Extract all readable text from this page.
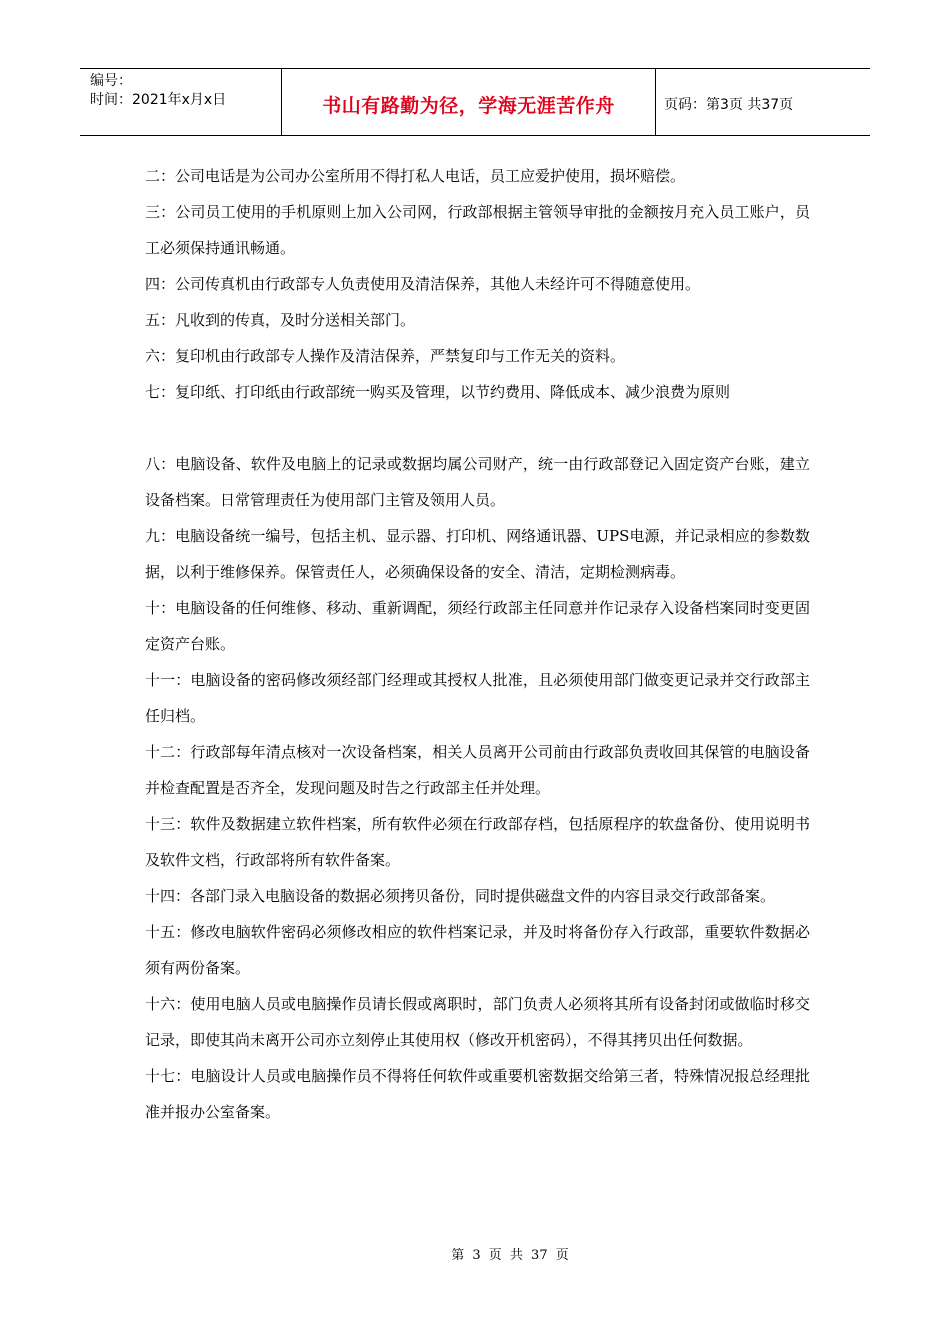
编号：
时间：2021年x月x日	书山有路勤为径，学海无涯苦作舟	页码：第3页 共37页

二：公司电话是为公司办公室所用不得打私人电话，员工应爱护使用，损坏赔偿。

三：公司员工使用的手机原则上加入公司网，行政部根据主管领导审批的金额按月充入员工账户，员工必须保持通讯畅通。

四：公司传真机由行政部专人负责使用及清洁保养，其他人未经许可不得随意使用。

五：凡收到的传真，及时分送相关部门。

六：复印机由行政部专人操作及清洁保养，严禁复印与工作无关的资料。

七：复印纸、打印纸由行政部统一购买及管理，以节约费用、降低成本、减少浪费为原则

八：电脑设备、软件及电脑上的记录或数据均属公司财产，统一由行政部登记入固定资产台账，建立设备档案。日常管理责任为使用部门主管及领用人员。

九：电脑设备统一编号，包括主机、显示器、打印机、网络通讯器、UPS电源，并记录相应的参数数据，以利于维修保养。保管责任人，必须确保设备的安全、清洁，定期检测病毒。

十：电脑设备的任何维修、移动、重新调配，须经行政部主任同意并作记录存入设备档案同时变更固定资产台账。

十一：电脑设备的密码修改须经部门经理或其授权人批准，且必须使用部门做变更记录并交行政部主任归档。

十二：行政部每年清点核对一次设备档案，相关人员离开公司前由行政部负责收回其保管的电脑设备并检查配置是否齐全，发现问题及时告之行政部主任并处理。

十三：软件及数据建立软件档案，所有软件必须在行政部存档，包括原程序的软盘备份、使用说明书及软件文档，行政部将所有软件备案。

十四：各部门录入电脑设备的数据必须拷贝备份，同时提供磁盘文件的内容目录交行政部备案。

十五：修改电脑软件密码必须修改相应的软件档案记录，并及时将备份存入行政部，重要软件数据必须有两份备案。

十六：使用电脑人员或电脑操作员请长假或离职时，部门负责人必须将其所有设备封闭或做临时移交记录，即使其尚未离开公司亦立刻停止其使用权（修改开机密码），不得其拷贝出任何数据。

十七：电脑设计人员或电脑操作员不得将任何软件或重要机密数据交给第三者，特殊情况报总经理批准并报办公室备案。

第 3 页 共 37 页
